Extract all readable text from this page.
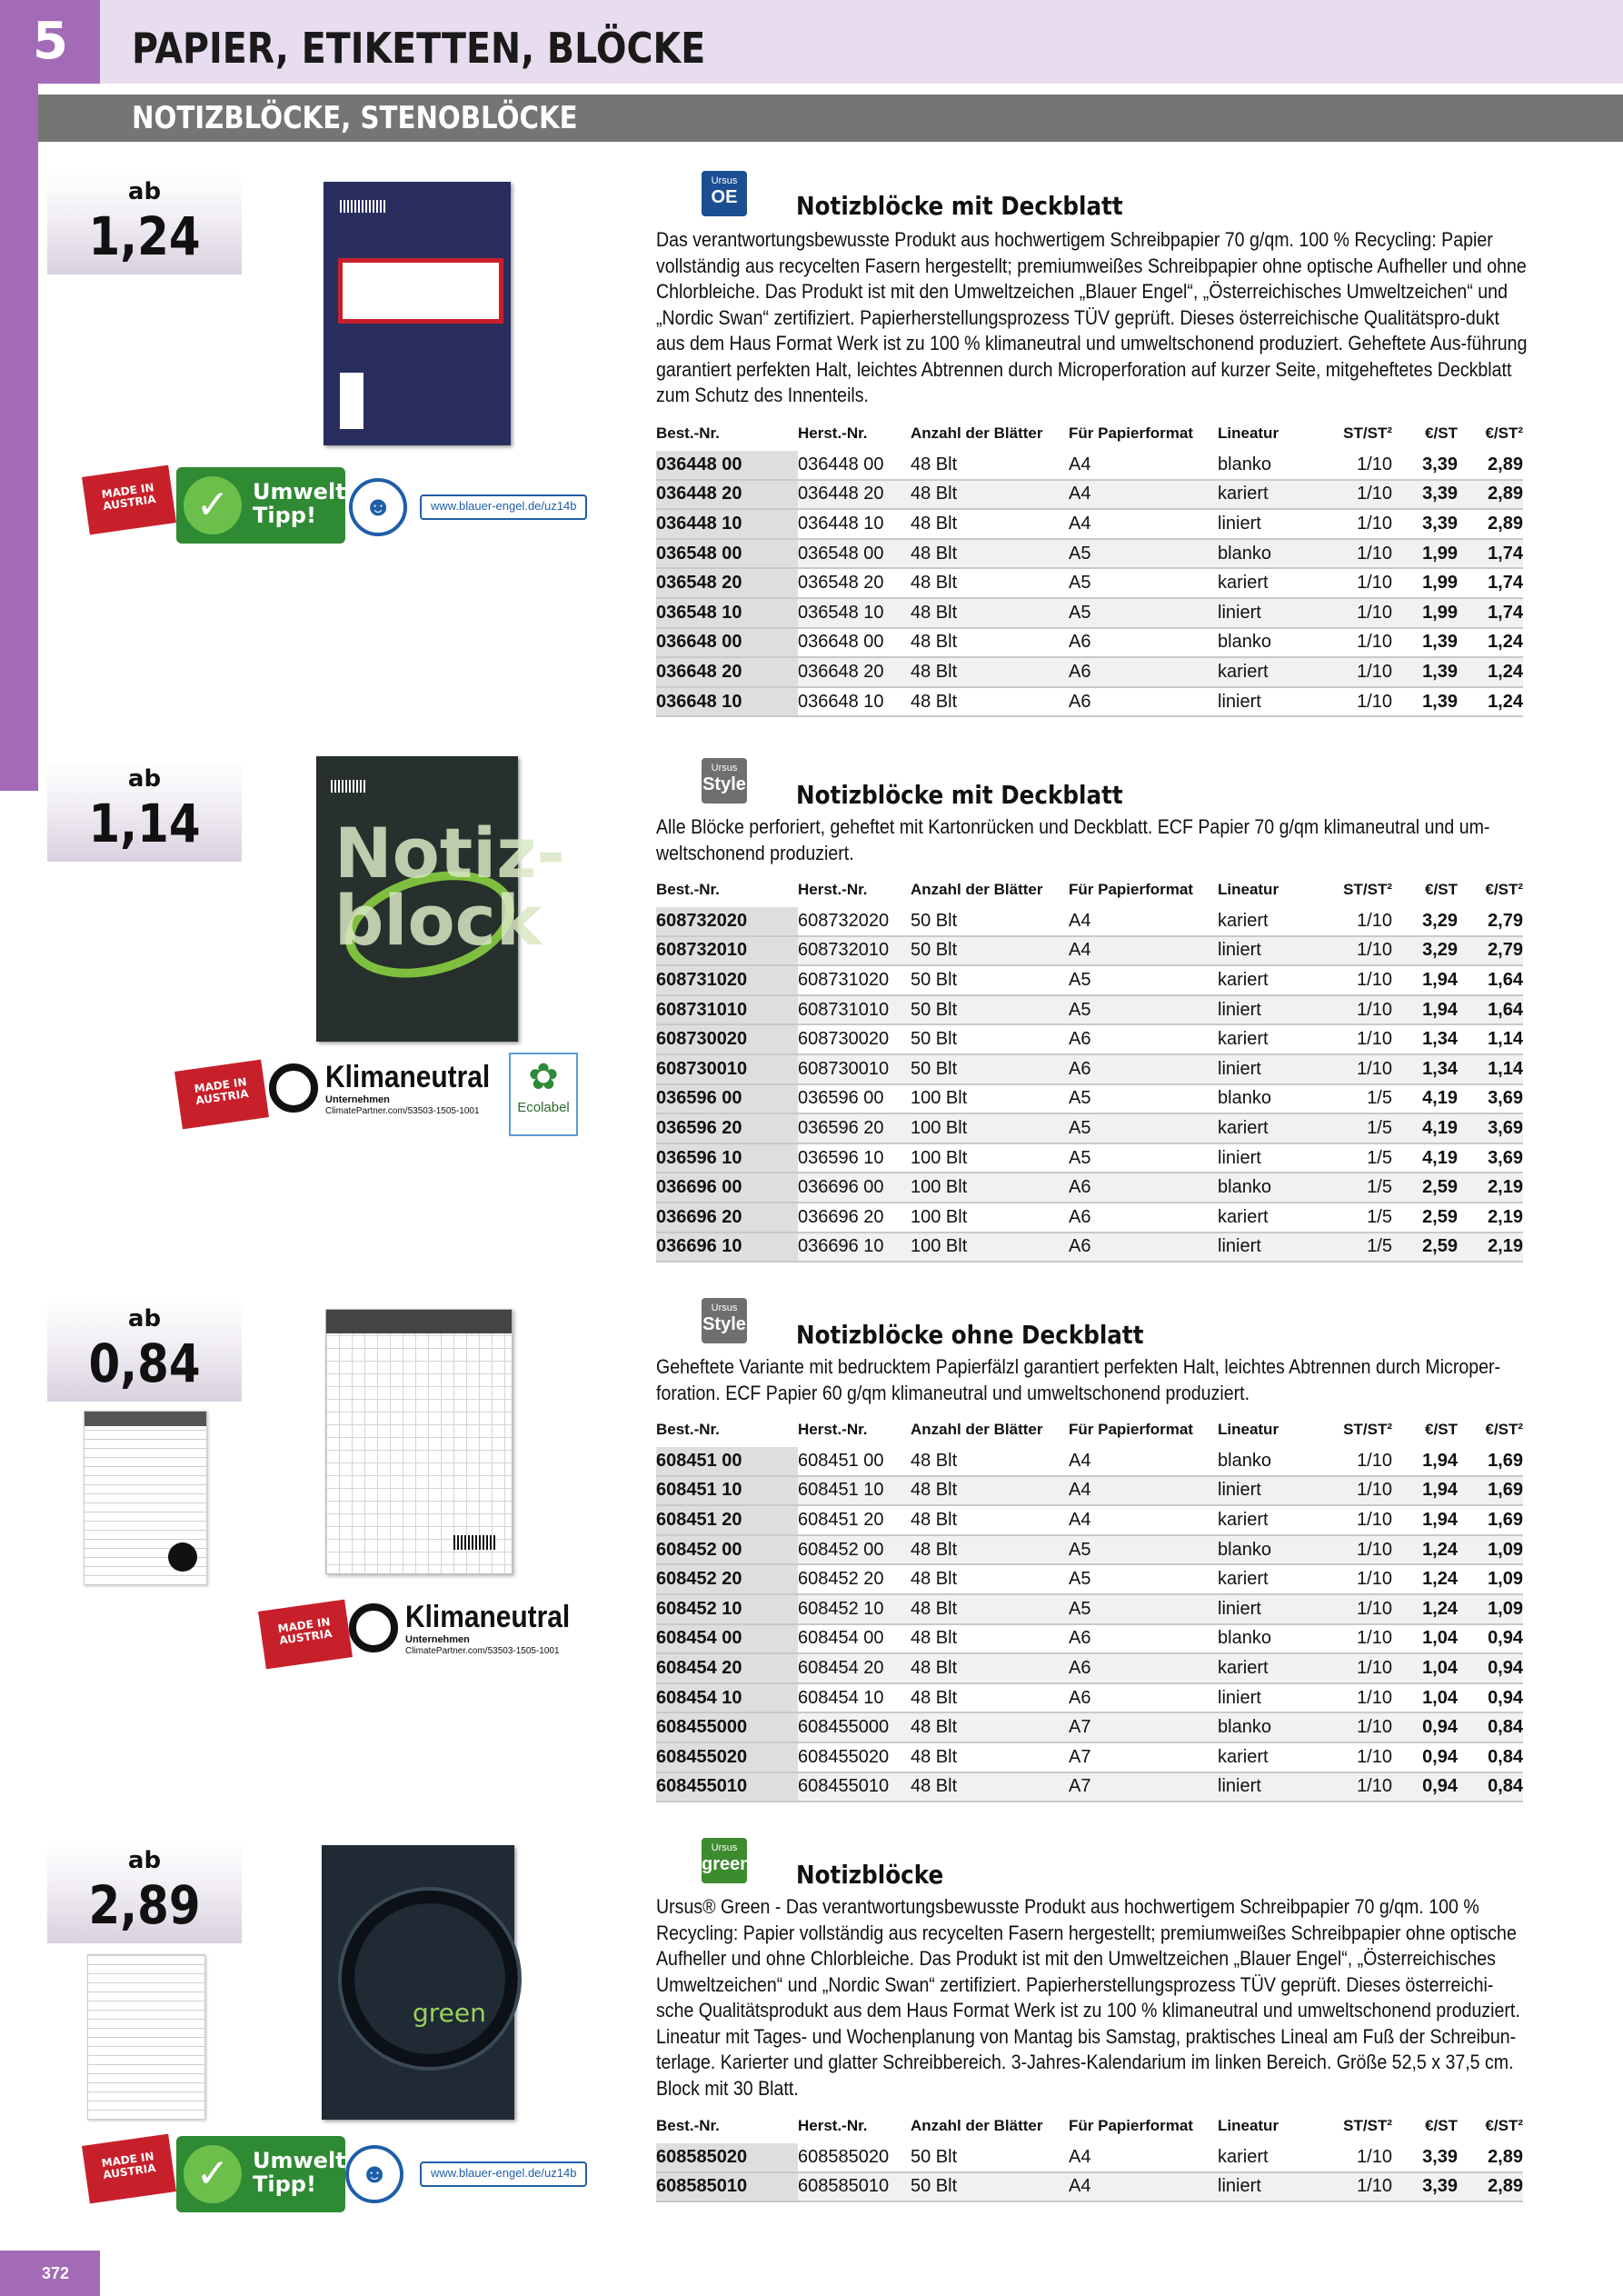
5	PAPIER, ETIKETTEN, BLÖCKE
NOTIZBLÖCKE, STENOBLÖCKE
ab
1,24
MADE IN AUSTRIA ✓	Umwelt
Tipp!	☻	www.blauer-engel.de/uz14b
Ursus
OE	Notizblöcke mit Deckblatt
Das verantwortungsbewusste Produkt aus hochwertigem Schreibpapier 70 g/qm. 100 % Recycling: Papier vollständig aus recycelten Fasern hergestellt; premiumweißes Schreibpapier ohne optische Aufheller und ohne Chlorbleiche. Das Produkt ist mit den Umweltzeichen „Blauer Engel“, „Österreichisches Umweltzeichen“ und „Nordic Swan“ zertifiziert. Papierherstellungsprozess TÜV geprüft. Dieses österreichische Qualitätspro-dukt aus dem Haus Format Werk ist zu 100 % klimaneutral und umweltschonend produziert. Geheftete Aus-führung garantiert perfekten Halt, leichtes Abtrennen durch Microperforation auf kurzer Seite, mitgeheftetes Deckblatt zum Schutz des Innenteils.
Best.-Nr.	Herst.-Nr.	Anzahl der Blätter	Für Papierformat	Lineatur	ST/ST²	€/ST	€/ST²
036448 00	036448 00	48 Blt	A4	blanko	1/10	3,39	2,89
036448 20	036448 20	48 Blt	A4	kariert	1/10	3,39	2,89
036448 10	036448 10	48 Blt	A4	liniert	1/10	3,39	2,89
036548 00	036548 00	48 Blt	A5	blanko	1/10	1,99	1,74
036548 20	036548 20	48 Blt	A5	kariert	1/10	1,99	1,74
036548 10	036548 10	48 Blt	A5	liniert	1/10	1,99	1,74
036648 00	036648 00	48 Blt	A6	blanko	1/10	1,39	1,24
036648 20	036648 20	48 Blt	A6	kariert	1/10	1,39	1,24
036648 10	036648 10	48 Blt	A6	liniert	1/10	1,39	1,24
ab
1,14	Notiz-block
MADE IN AUSTRIA
Klimaneutral
Unternehmen
ClimatePartner.com/53503-1505-1001
✿
Ecolabel
Ursus
Style Notizblöcke mit Deckblatt
Alle Blöcke perforiert, geheftet mit Kartonrücken und Deckblatt. ECF Papier 70 g/qm klimaneutral und um-weltschonend produziert.
Best.-Nr.	Herst.-Nr.	Anzahl der Blätter	Für Papierformat	Lineatur	ST/ST²	€/ST	€/ST²
608732020	608732020	50 Blt	A4	kariert	1/10	3,29	2,79
608732010	608732010	50 Blt	A4	liniert	1/10	3,29	2,79
608731020	608731020	50 Blt	A5	kariert	1/10	1,94	1,64
608731010	608731010	50 Blt	A5	liniert	1/10	1,94	1,64
608730020	608730020	50 Blt	A6	kariert	1/10	1,34	1,14
608730010	608730010	50 Blt	A6	liniert	1/10	1,34	1,14
036596 00	036596 00	100 Blt	A5	blanko	1/5	4,19	3,69
036596 20	036596 20	100 Blt	A5	kariert	1/5	4,19	3,69
036596 10	036596 10	100 Blt	A5	liniert	1/5	4,19	3,69
036696 00	036696 00	100 Blt	A6	blanko	1/5	2,59	2,19
036696 20	036696 20	100 Blt	A6	kariert	1/5	2,59	2,19
036696 10	036696 10	100 Blt	A6	liniert	1/5	2,59	2,19
ab
0,84
MADE IN AUSTRIA
Klimaneutral
Unternehmen
ClimatePartner.com/53503-1505-1001
Ursus
Style Notizblöcke ohne Deckblatt
Geheftete Variante mit bedrucktem Papierfälzl garantiert perfekten Halt, leichtes Abtrennen durch Microper-foration. ECF Papier 60 g/qm klimaneutral und umweltschonend produziert.
Best.-Nr.	Herst.-Nr.	Anzahl der Blätter	Für Papierformat	Lineatur	ST/ST²	€/ST	€/ST²
608451 00	608451 00	48 Blt	A4	blanko	1/10	1,94	1,69
608451 10	608451 10	48 Blt	A4	liniert	1/10	1,94	1,69
608451 20	608451 20	48 Blt	A4	kariert	1/10	1,94	1,69
608452 00	608452 00	48 Blt	A5	blanko	1/10	1,24	1,09
608452 20	608452 20	48 Blt	A5	kariert	1/10	1,24	1,09
608452 10	608452 10	48 Blt	A5	liniert	1/10	1,24	1,09
608454 00	608454 00	48 Blt	A6	blanko	1/10	1,04	0,94
608454 20	608454 20	48 Blt	A6	kariert	1/10	1,04	0,94
608454 10	608454 10	48 Blt	A6	liniert	1/10	1,04	0,94
608455000	608455000	48 Blt	A7	blanko	1/10	0,94	0,84
608455020	608455020	48 Blt	A7	kariert	1/10	0,94	0,84
608455010	608455010	48 Blt	A7	liniert	1/10	0,94	0,84
ab
2,89
green
MADE IN AUSTRIA ✓	Umwelt
Tipp!	☻	www.blauer-engel.de/uz14b
Ursus
green Notizblöcke
Ursus® Green - Das verantwortungsbewusste Produkt aus hochwertigem Schreibpapier 70 g/qm. 100 % Recycling: Papier vollständig aus recycelten Fasern hergestellt; premiumweißes Schreibpapier ohne optische Aufheller und ohne Chlorbleiche. Das Produkt ist mit den Umweltzeichen „Blauer Engel“, „Österreichisches Umweltzeichen“ und „Nordic Swan“ zertifiziert. Papierherstellungsprozess TÜV geprüft. Dieses österreichi-sche Qualitätsprodukt aus dem Haus Format Werk ist zu 100 % klimaneutral und umweltschonend produziert. Lineatur mit Tages- und Wochenplanung von Mantag bis Samstag, praktisches Lineal am Fuß der Schreibun-terlage. Karierter und glatter Schreibbereich. 3-Jahres-Kalendarium im linken Bereich. Größe 52,5 x 37,5 cm. Block mit 30 Blatt.
Best.-Nr.	Herst.-Nr.	Anzahl der Blätter	Für Papierformat	Lineatur	ST/ST²	€/ST	€/ST²
608585020	608585020	50 Blt	A4	kariert	1/10	3,39	2,89
608585010	608585010	50 Blt	A4	liniert	1/10	3,39	2,89
372
